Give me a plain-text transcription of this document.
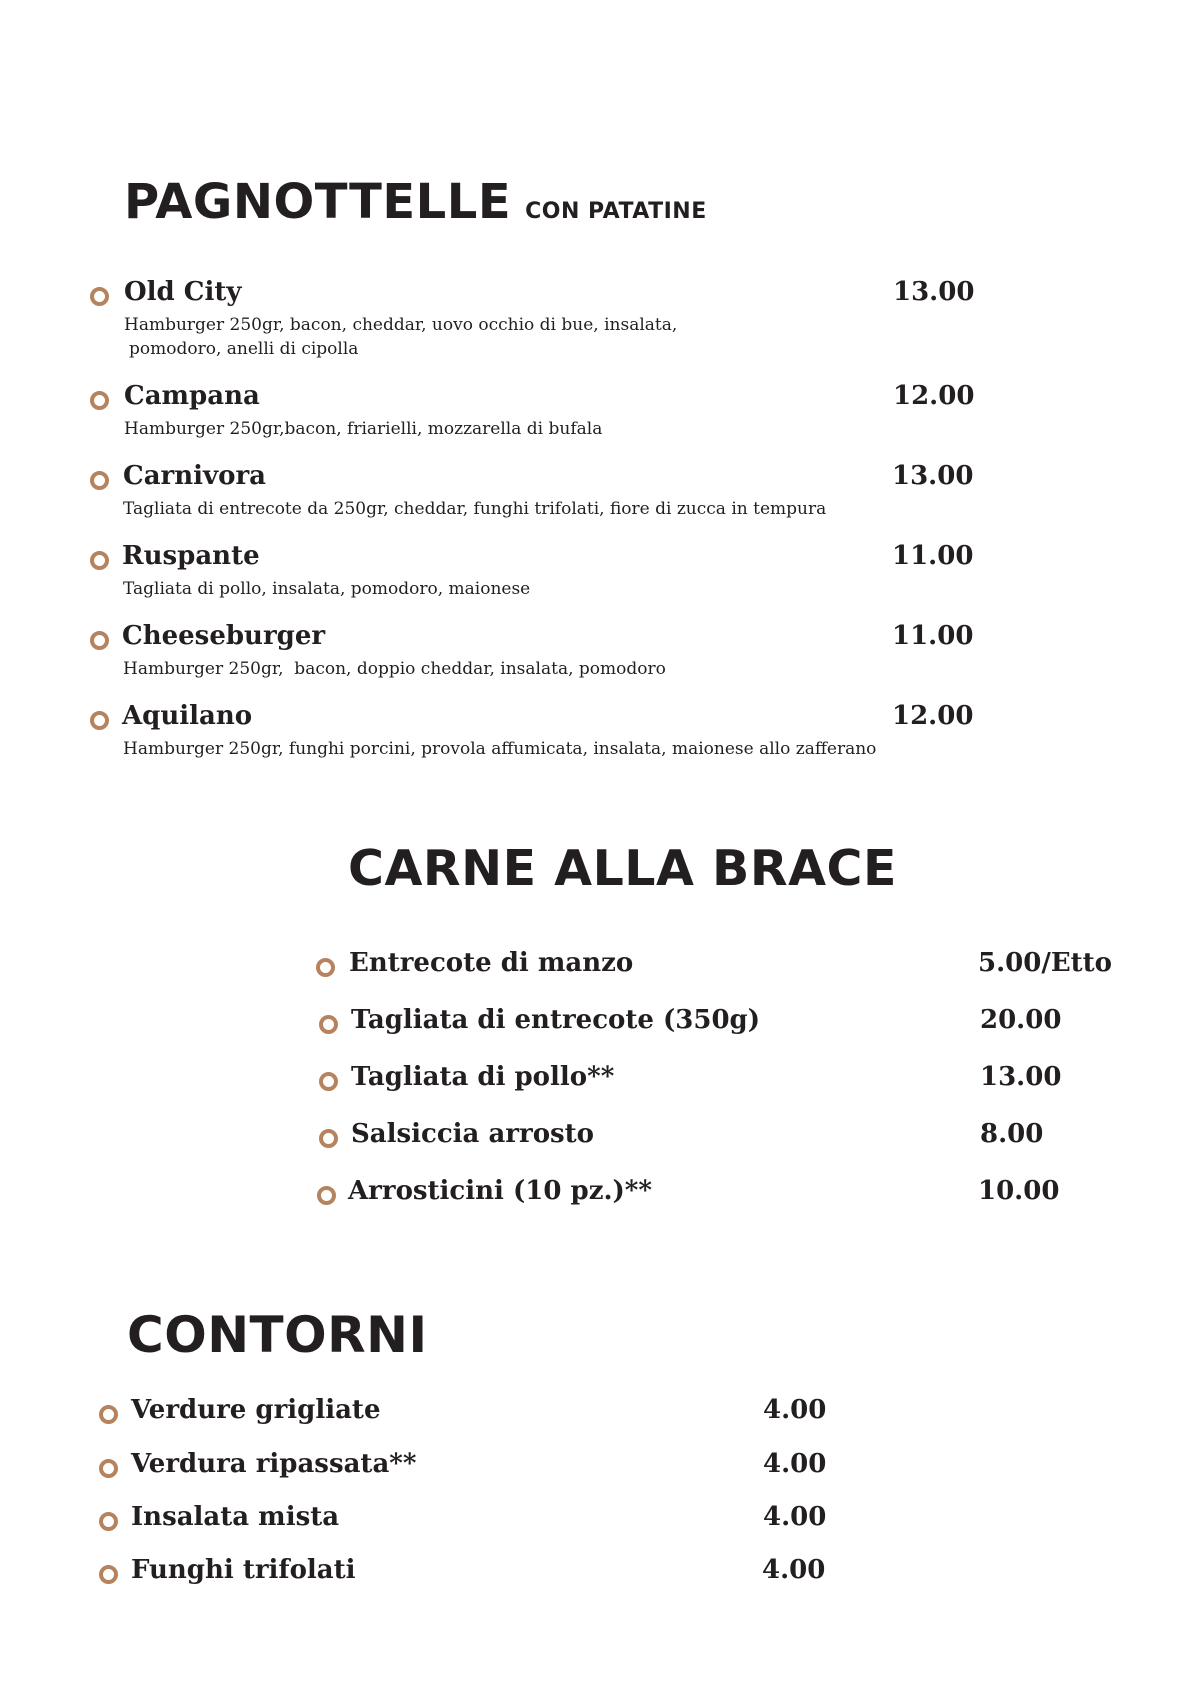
PAGNOTTELLE CON PATATINE
Old City	13.00
Hamburger 250gr, bacon, cheddar, uovo occhio di bue, insalata,
pomodoro, anelli di cipolla
Campana	12.00
Hamburger 250gr,bacon, friarielli, mozzarella di bufala
Carnivora	13.00
Tagliata di entrecote da 250gr, cheddar, funghi trifolati, fiore di zucca in tempura
Ruspante	11.00
Tagliata di pollo, insalata, pomodoro, maionese
Cheeseburger	11.00
Hamburger 250gr,  bacon, doppio cheddar, insalata, pomodoro
Aquilano	12.00
Hamburger 250gr, funghi porcini, provola affumicata, insalata, maionese allo zafferano
CARNE ALLA BRACE
Entrecote di manzo	5.00/Etto
Tagliata di entrecote (350g)	20.00
Tagliata di pollo**	13.00
Salsiccia arrosto	8.00
Arrosticini (10 pz.)**	10.00
CONTORNI
Verdure grigliate	4.00
Verdura ripassata**	4.00
Insalata mista	4.00
Funghi trifolati	4.00
